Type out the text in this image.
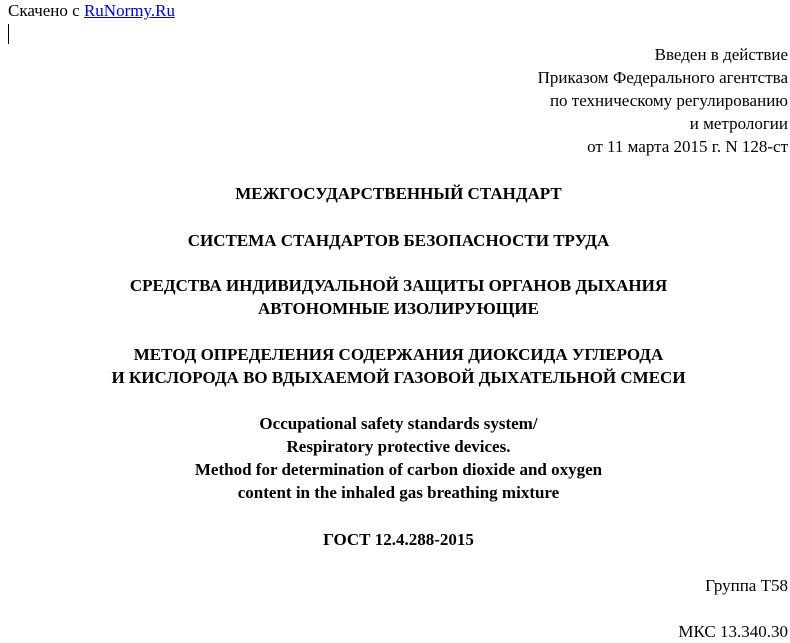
Скачено с RuNormy.Ru
Введен в действие
Приказом Федерального агентства
по техническому регулированию
и метрологии
от 11 марта 2015 г. N 128-ст
МЕЖГОСУДАРСТВЕННЫЙ СТАНДАРТ
СИСТЕМА СТАНДАРТОВ БЕЗОПАСНОСТИ ТРУДА
СРЕДСТВА ИНДИВИДУАЛЬНОЙ ЗАЩИТЫ ОРГАНОВ ДЫХАНИЯ
АВТОНОМНЫЕ ИЗОЛИРУЮЩИЕ
МЕТОД ОПРЕДЕЛЕНИЯ СОДЕРЖАНИЯ ДИОКСИДА УГЛЕРОДА
И КИСЛОРОДА ВО ВДЫХАЕМОЙ ГАЗОВОЙ ДЫХАТЕЛЬНОЙ СМЕСИ
Occupational safety standards system/
Respiratory protective devices.
Method for determination of carbon dioxide and oxygen
content in the inhaled gas breathing mixture
ГОСТ 12.4.288-2015
Группа Т58
МКС 13.340.30
